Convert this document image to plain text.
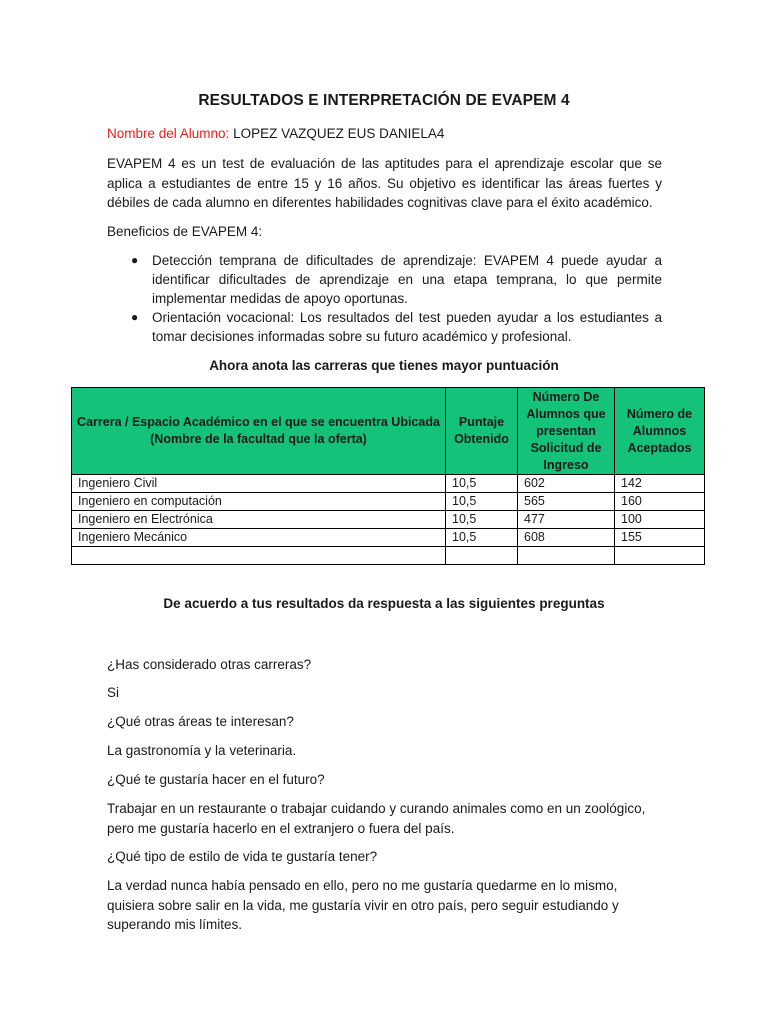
RESULTADOS E INTERPRETACIÓN DE EVAPEM 4
Nombre del Alumno: LOPEZ VAZQUEZ EUS DANIELA4
EVAPEM 4 es un test de evaluación de las aptitudes para el aprendizaje escolar que se aplica a estudiantes de entre 15 y 16 años. Su objetivo es identificar las áreas fuertes y débiles de cada alumno en diferentes habilidades cognitivas clave para el éxito académico.
Beneficios de EVAPEM 4:
● Detección temprana de dificultades de aprendizaje: EVAPEM 4 puede ayudar a identificar dificultades de aprendizaje en una etapa temprana, lo que permite implementar medidas de apoyo oportunas.
● Orientación vocacional: Los resultados del test pueden ayudar a los estudiantes a tomar decisiones informadas sobre su futuro académico y profesional.
Ahora anota las carreras que tienes mayor puntuación
Carrera / Espacio Académico en el que se encuentra Ubicada (Nombre de la facultad que la oferta)	Puntaje Obtenido	Número De Alumnos que presentan Solicitud de Ingreso	Número de Alumnos Aceptados
Ingeniero Civil	10,5	602	142
Ingeniero en computación	10,5	565	160
Ingeniero en Electrónica	10,5	477	100
Ingeniero Mecánico	10,5	608	155

De acuerdo a tus resultados da respuesta a las siguientes preguntas
¿Has considerado otras carreras?
Si
¿Qué otras áreas te interesan?
La gastronomía y la veterinaria.
¿Qué te gustaría hacer en el futuro?
Trabajar en un restaurante o trabajar cuidando y curando animales como en un zoológico, pero me gustaría hacerlo en el extranjero o fuera del país.
¿Qué tipo de estilo de vida te gustaría tener?
La verdad nunca había pensado en ello, pero no me gustaría quedarme en lo mismo, quisiera sobre salir en la vida, me gustaría vivir en otro país, pero seguir estudiando y superando mis límites.
